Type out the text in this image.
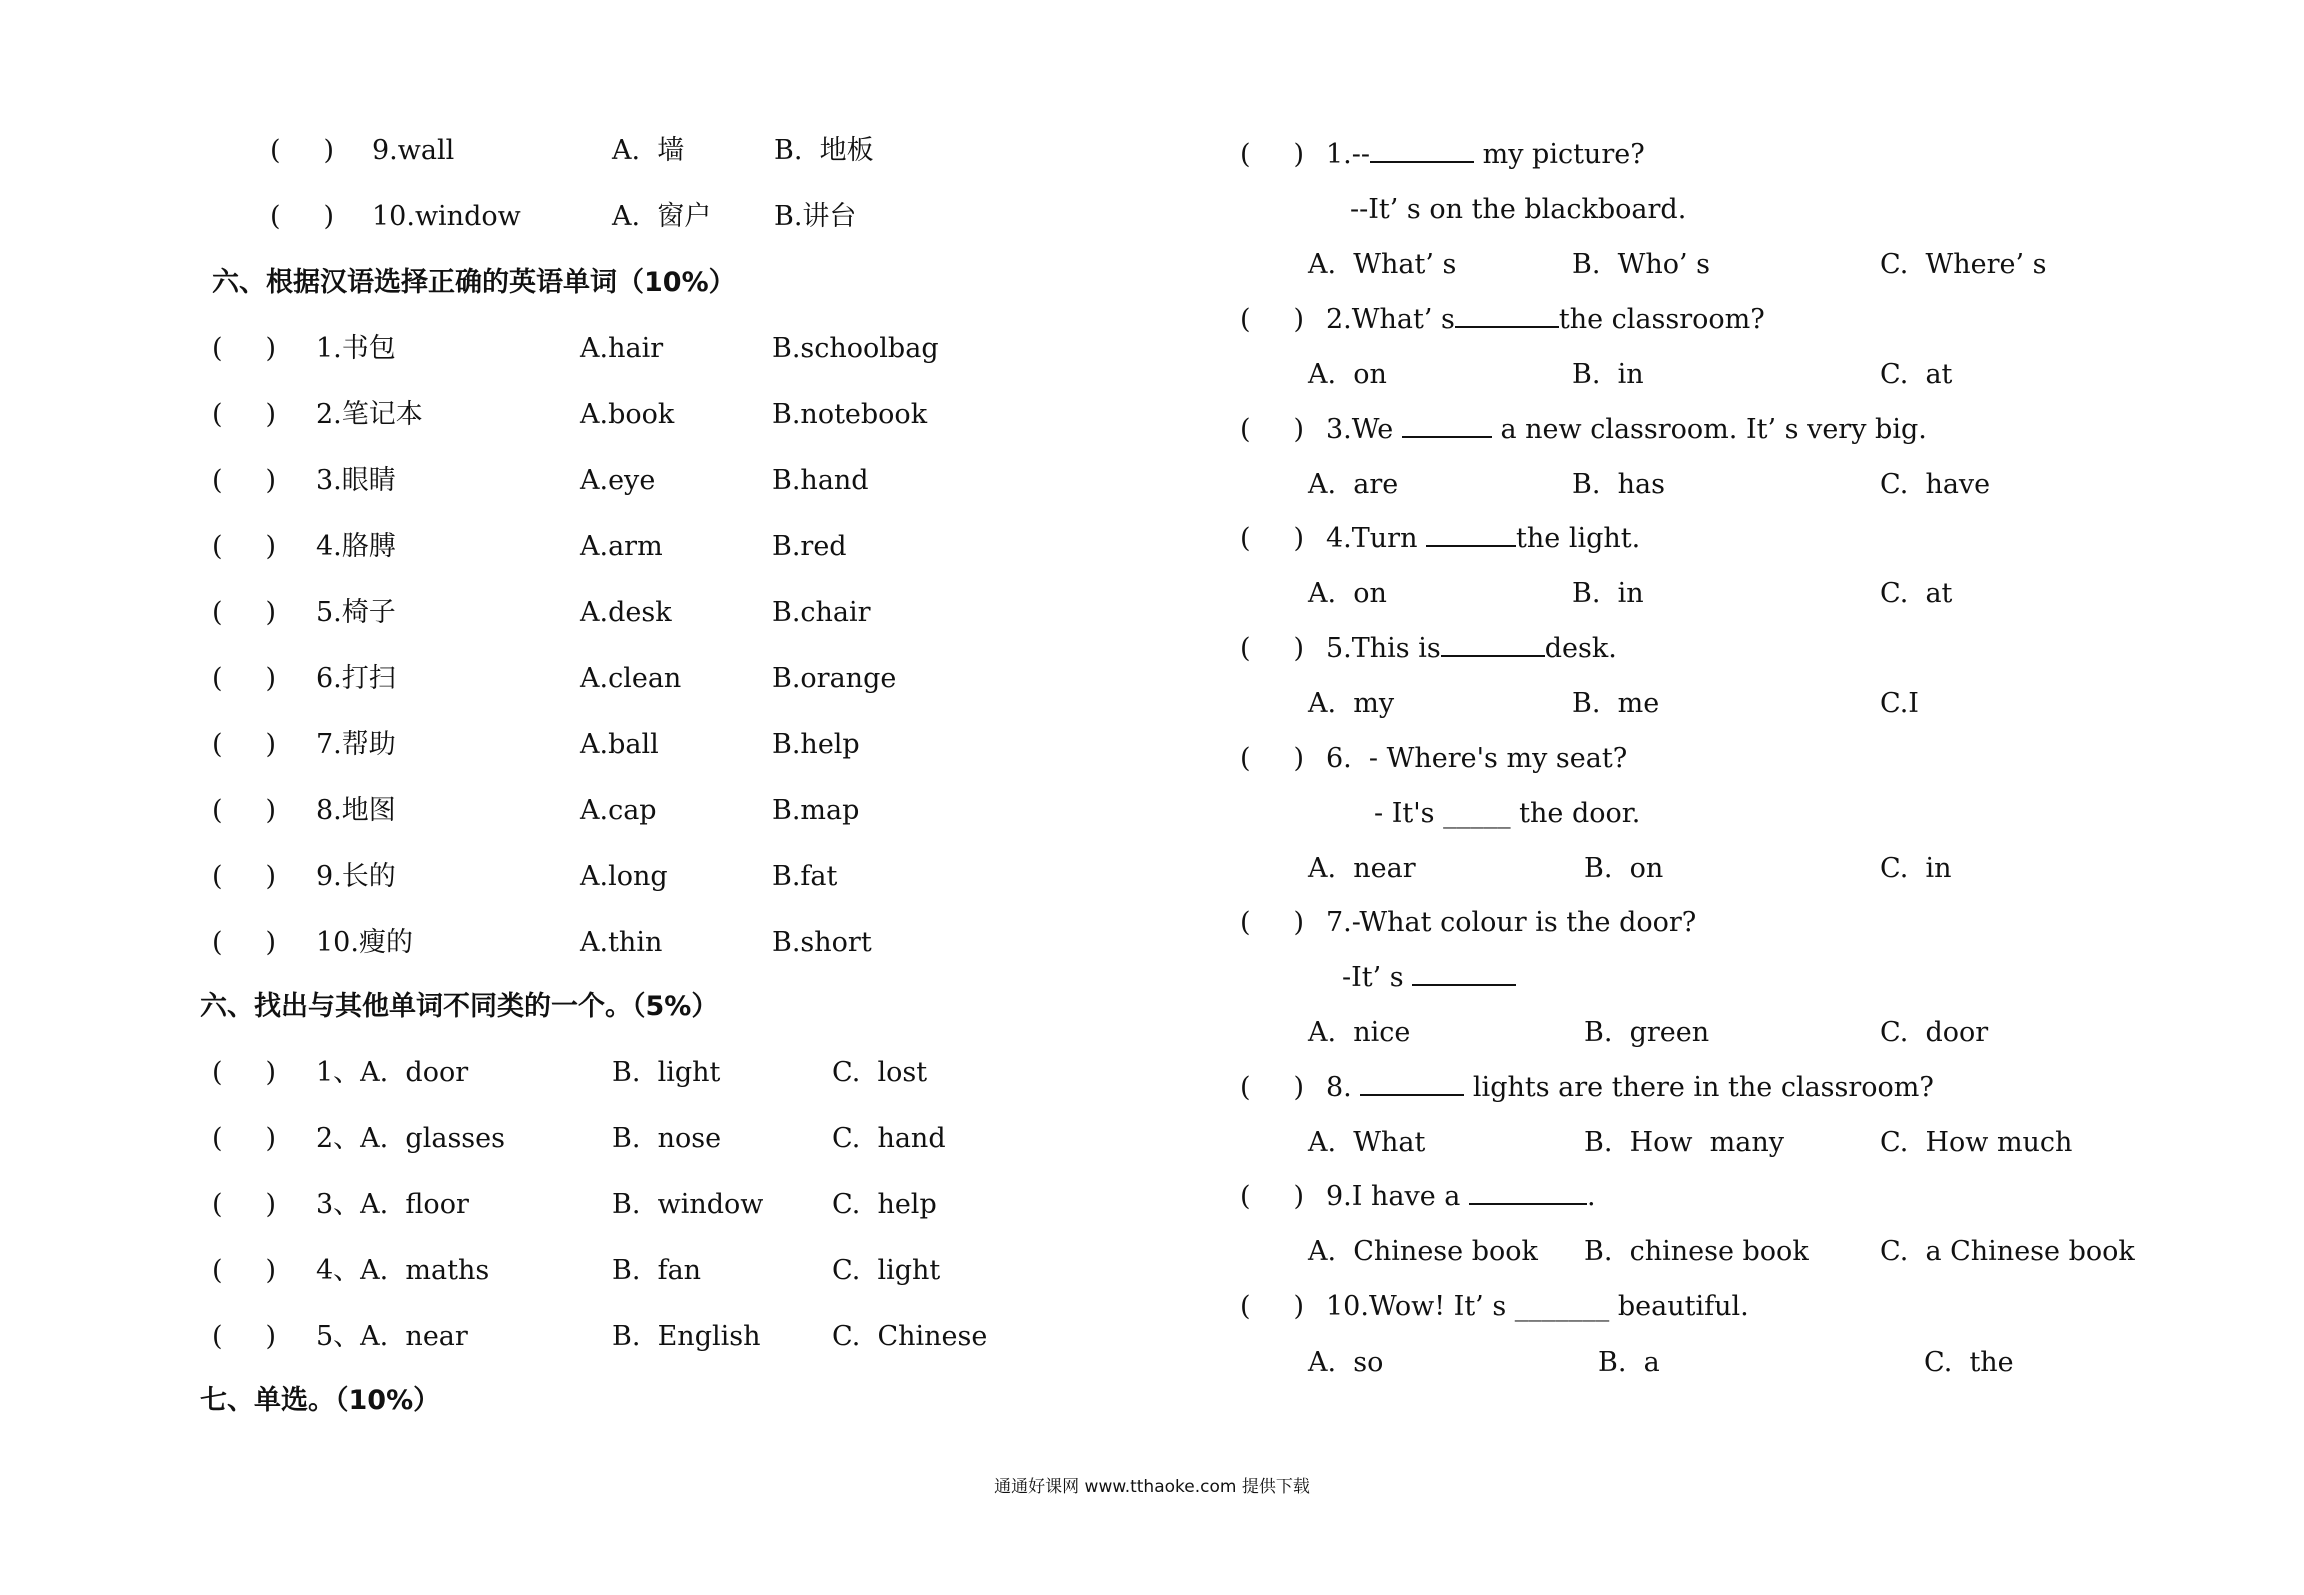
(     ) 9.wall	A.  墙	B.  地板
(     ) 10.window	A.  窗户 B.讲台
六、根据汉语选择正确的英语单词（10%）
(     ) 1.书包	A.hair	B.schoolbag
(     ) 2.笔记本	A.book	B.notebook
(     ) 3.眼睛	A.eye	B.hand
(     ) 4.胳膊	A.arm	B.red
(     ) 5.椅子	A.desk	B.chair
(     ) 6.打扫	A.clean	B.orange
(     ) 7.帮助	A.ball	B.help
(     ) 8.地图	A.cap	B.map
(     ) 9.长的	A.long	B.fat
(     ) 10.瘦的	A.thin	B.short
六、找出与其他单词不同类的一个。（5%）
(     ) 1、A.  door	B.  light	C.  lost
(     ) 2、A.  glasses	B.  nose	C.  hand
(     ) 3、A.  floor	B.  window	C.  help
(     ) 4、A.  maths	B.  fan	C.  light
(     ) 5、A.  near	B.  English	C.  Chinese
七、单选。（10%）
(     ) 1.--	my picture?
--It’ s on the blackboard.
A.  What’ s	B.  Who’ s	C.  Where’ s
(     ) 2.What’ s	the classroom?
A.  on	B.  in	C.  at
(     ) 3.We	a new classroom. It’ s very big.
A.  are	B.  has	C.  have
(     ) 4.Turn	the light.
A.  on	B.  in	C.  at
(     ) 5.This is	desk.
A.  my	B.  me	C.I
(     ) 6.  - Where's my seat?
- It's _____ the door.
A.  near	B.  on	C.  in
(     ) 7.-What colour is the door?
-It’ s
A.  nice	B.  green	C.  door
(     ) 8.	lights are there in the classroom?
A.  What	B.  How  many	C.  How much
(     ) 9.I have a	.
A.  Chinese book B.  chinese book	C.  a Chinese book
(     ) 10.Wow! It’ s _______ beautiful.
A.  so	B.  a	C.  the
通通好课网 www.tthaoke.com 提供下载
